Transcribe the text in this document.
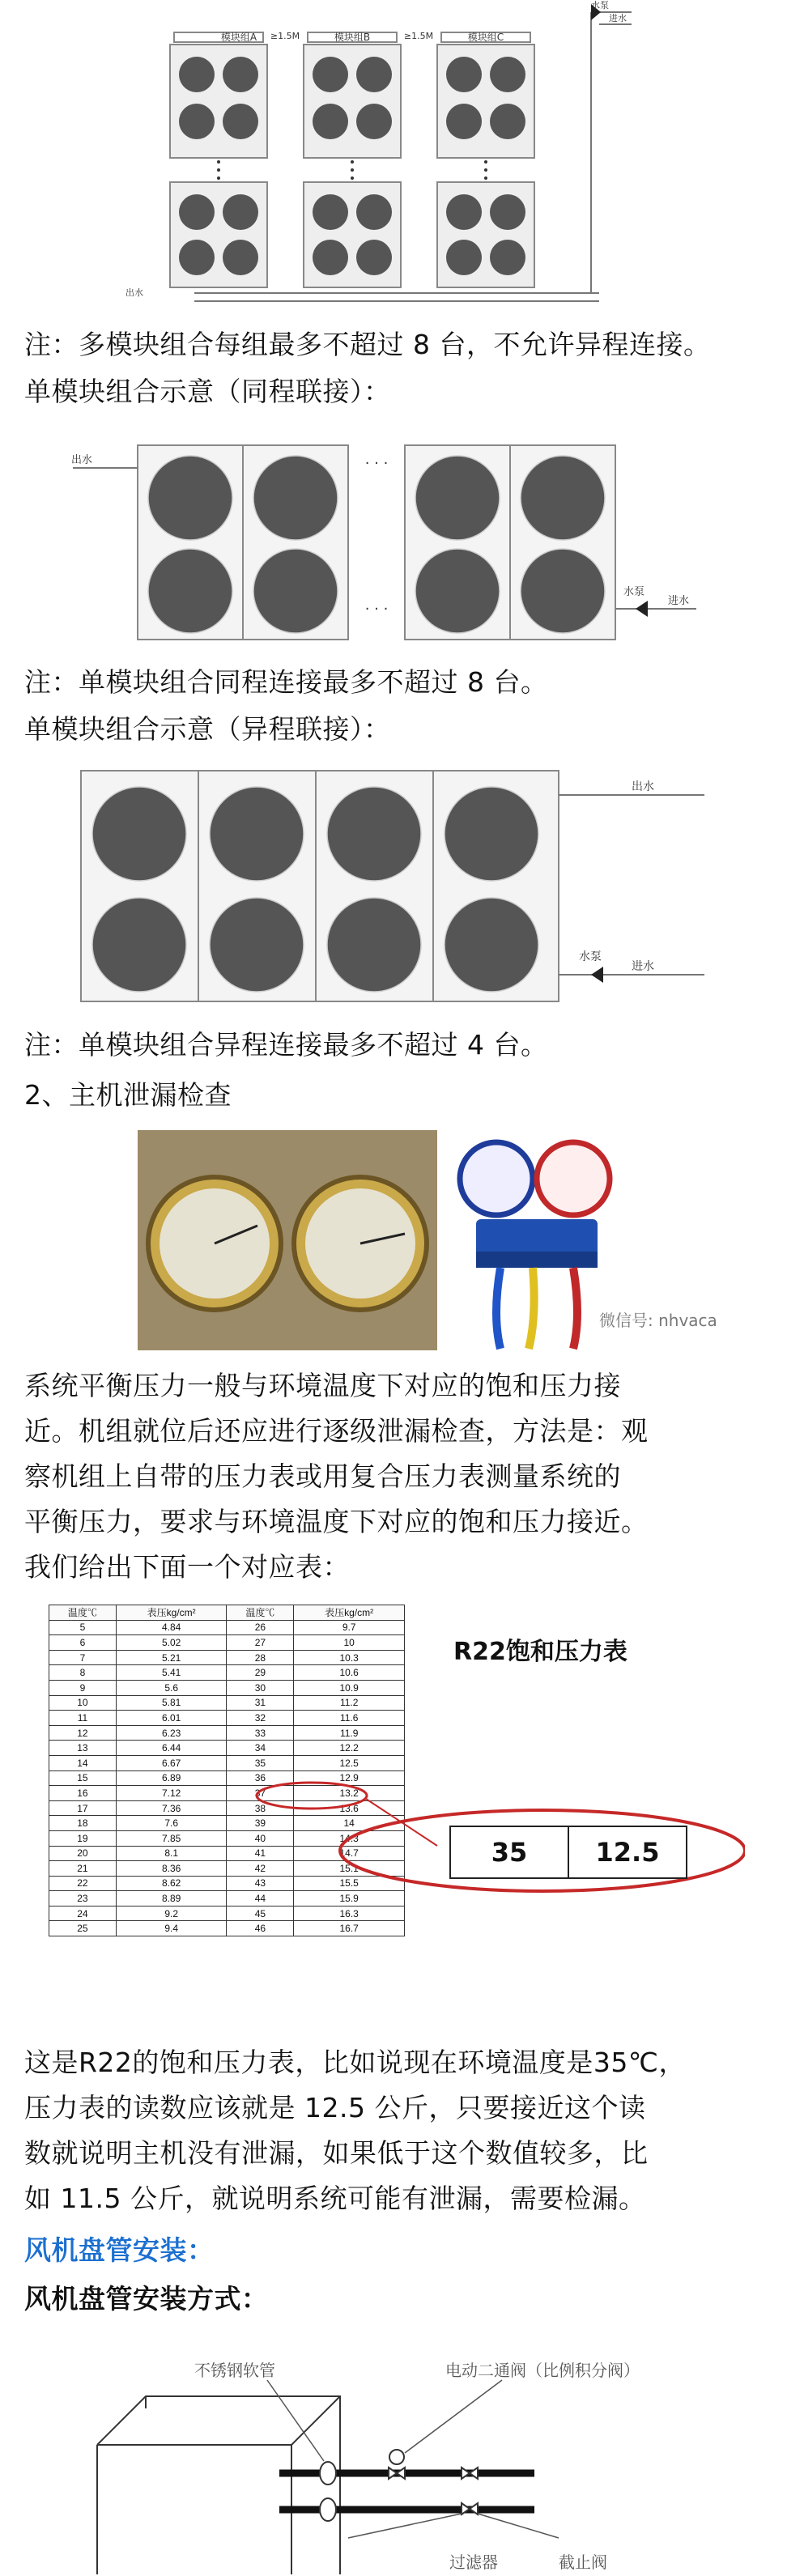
模块组A	模块组B	模块组C
≥1.5M	≥1.5M
水泵
进水
出水
注：多模块组合每组最多不超过 8 台，不允许异程连接。
单模块组合示意（同程联接）：
· · ·
· · ·
出水
水泵
进水
注：单模块组合同程连接最多不超过 8 台。
单模块组合示意（异程联接）：
出水
水泵
进水
注：单模块组合异程连接最多不超过 4 台。
2、主机泄漏检查
微信号: nhvaca
系统平衡压力一般与环境温度下对应的饱和压力接
近。机组就位后还应进行逐级泄漏检查，方法是：观
察机组上自带的压力表或用复合压力表测量系统的
平衡压力，要求与环境温度下对应的饱和压力接近。
我们给出下面一个对应表：
温度℃	表压kg/cm²	温度℃	表压kg/cm²
5	4.84	26	9.7
6	5.02	27	10
7	5.21	28	10.3
8	5.41	29	10.6
9	5.6	30	10.9
10	5.81	31	11.2
11	6.01	32	11.6
12	6.23	33	11.9
13	6.44	34	12.2
14	6.67	35	12.5
15	6.89	36	12.9
16	7.12	37	13.2
17	7.36	38	13.6
18	7.6	39	14
19	7.85	40	14.3
20	8.1	41	14.7
21	8.36	42	15.1
22	8.62	43	15.5
23	8.89	44	15.9
24	9.2	45	16.3
25	9.4	46	16.7
R22饱和压力表
35	12.5
这是R22的饱和压力表，比如说现在环境温度是35℃，
压力表的读数应该就是 12.5 公斤，只要接近这个读
数就说明主机没有泄漏，如果低于这个数值较多，比
如 11.5 公斤，就说明系统可能有泄漏，需要检漏。
风机盘管安装：
风机盘管安装方式：
不锈钢软管	电动二通阀（比例积分阀）
过滤器	截止阀
